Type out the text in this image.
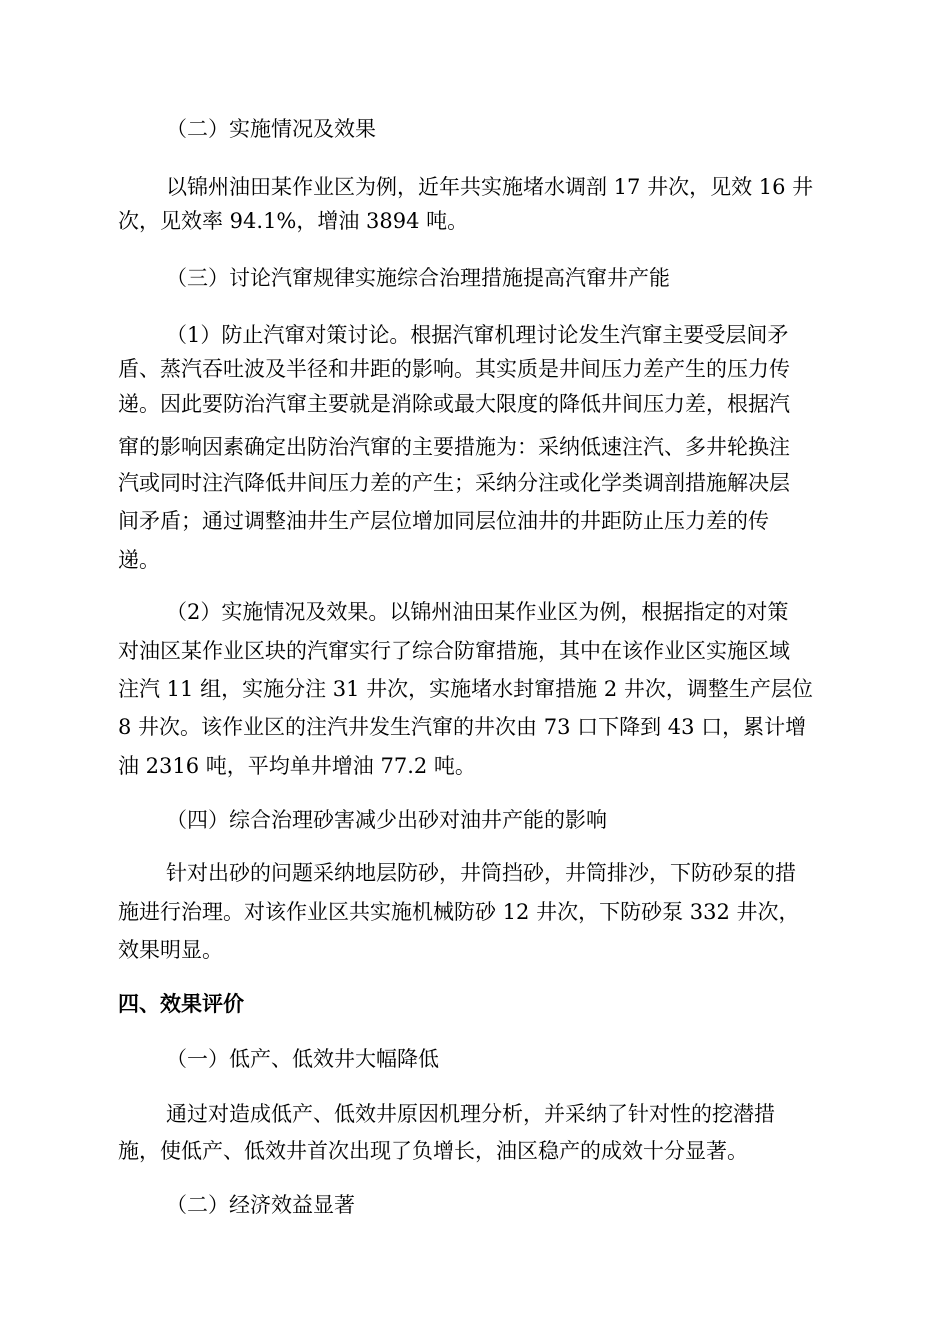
（二）实施情况及效果
以锦州油田某作业区为例，近年共实施堵水调剖 17 井次，见效 16 井
次，见效率 94.1%，增油 3894 吨。
（三）讨论汽窜规律实施综合治理措施提高汽窜井产能
（1）防止汽窜对策讨论。根据汽窜机理讨论发生汽窜主要受层间矛
盾、蒸汽吞吐波及半径和井距的影响。其实质是井间压力差产生的压力传
递。因此要防治汽窜主要就是消除或最大限度的降低井间压力差，根据汽
窜的影响因素确定出防治汽窜的主要措施为：采纳低速注汽、多井轮换注
汽或同时注汽降低井间压力差的产生；采纳分注或化学类调剖措施解决层
间矛盾；通过调整油井生产层位增加同层位油井的井距防止压力差的传
递。
（2）实施情况及效果。以锦州油田某作业区为例，根据指定的对策
对油区某作业区块的汽窜实行了综合防窜措施，其中在该作业区实施区域
注汽 11 组，实施分注 31 井次，实施堵水封窜措施 2 井次，调整生产层位
8 井次。该作业区的注汽井发生汽窜的井次由 73 口下降到 43 口，累计增
油 2316 吨，平均单井增油 77.2 吨。
（四）综合治理砂害减少出砂对油井产能的影响
针对出砂的问题采纳地层防砂，井筒挡砂，井筒排沙，下防砂泵的措
施进行治理。对该作业区共实施机械防砂 12 井次，下防砂泵 332 井次，
效果明显。
四、效果评价
（一）低产、低效井大幅降低
通过对造成低产、低效井原因机理分析，并采纳了针对性的挖潜措
施，使低产、低效井首次出现了负增长，油区稳产的成效十分显著。
（二）经济效益显著
